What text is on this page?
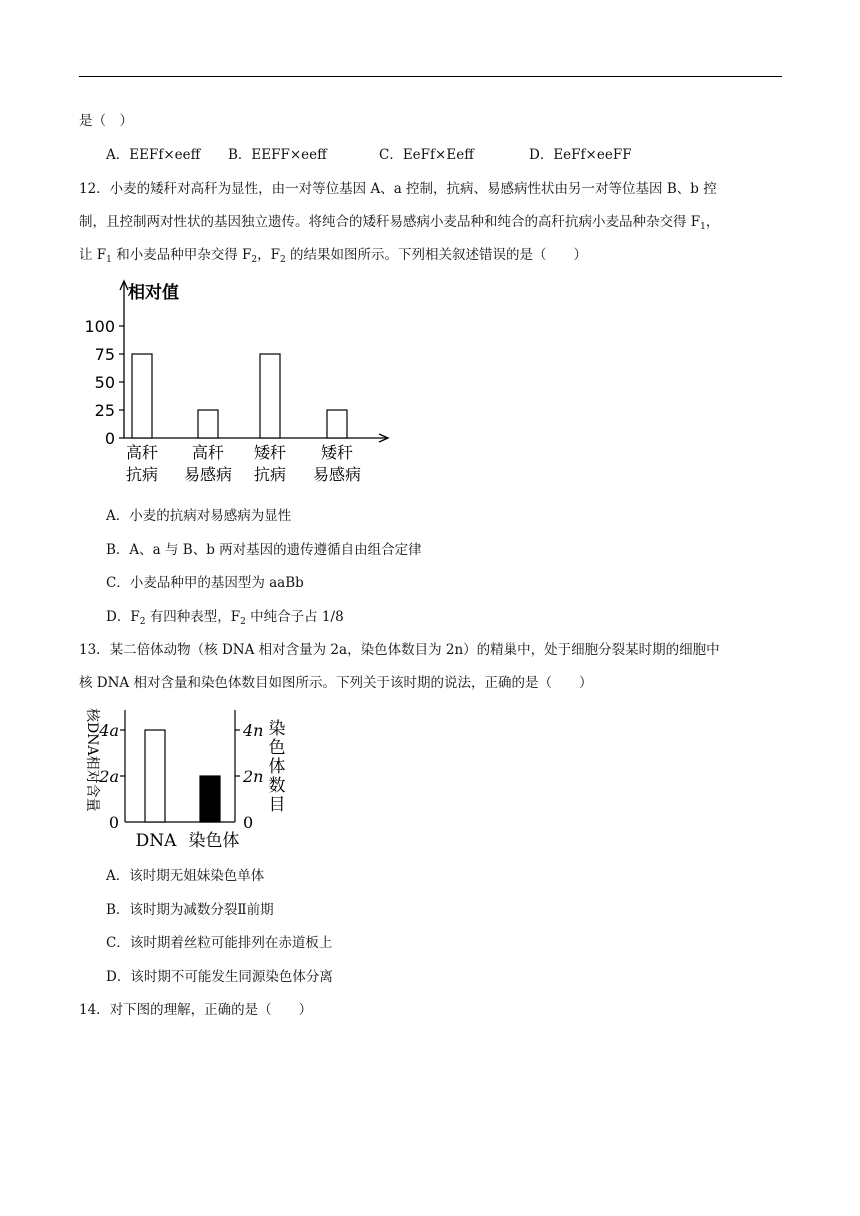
是（　）
A．EEFf×eeff B．EEFF×eeff	C．EeFf×Eeff	D．EeFf×eeFF
12．小麦的矮秆对高秆为显性，由一对等位基因 A、a 控制，抗病、易感病性状由另一对等位基因 B、b 控
制，且控制两对性状的基因独立遗传。将纯合的矮秆易感病小麦品种和纯合的高秆抗病小麦品种杂交得 $F_1$，
让 $F_1$ 和小麦品种甲杂交得 $F_2$，$F_2$ 的结果如图所示。下列相关叙述错误的是（　　）
相对值
0
25
50
75
100
高秆
抗病
高秆
易感病
矮秆
抗病
矮秆
易感病
A．小麦的抗病对易感病为显性
B．A、a 与 B、b 两对基因的遗传遵循自由组合定律
C．小麦品种甲的基因型为 aaBb
D．$F_2$ 有四种表型，$F_2$ 中纯合子占 1/8
13．某二倍体动物（核 DNA 相对含量为 2a，染色体数目为 2n）的精巢中，处于细胞分裂某时期的细胞中
核 DNA 相对含量和染色体数目如图所示。下列关于该时期的说法，正确的是（　　）
核DNA相对含量	染
色
体
数
目
0
2a
4a
0
2n
4n
DNA 染色体
A．该时期无姐妹染色单体
B．该时期为减数分裂Ⅱ前期
C．该时期着丝粒可能排列在赤道板上
D．该时期不可能发生同源染色体分离
14．对下图的理解，正确的是（　　）
